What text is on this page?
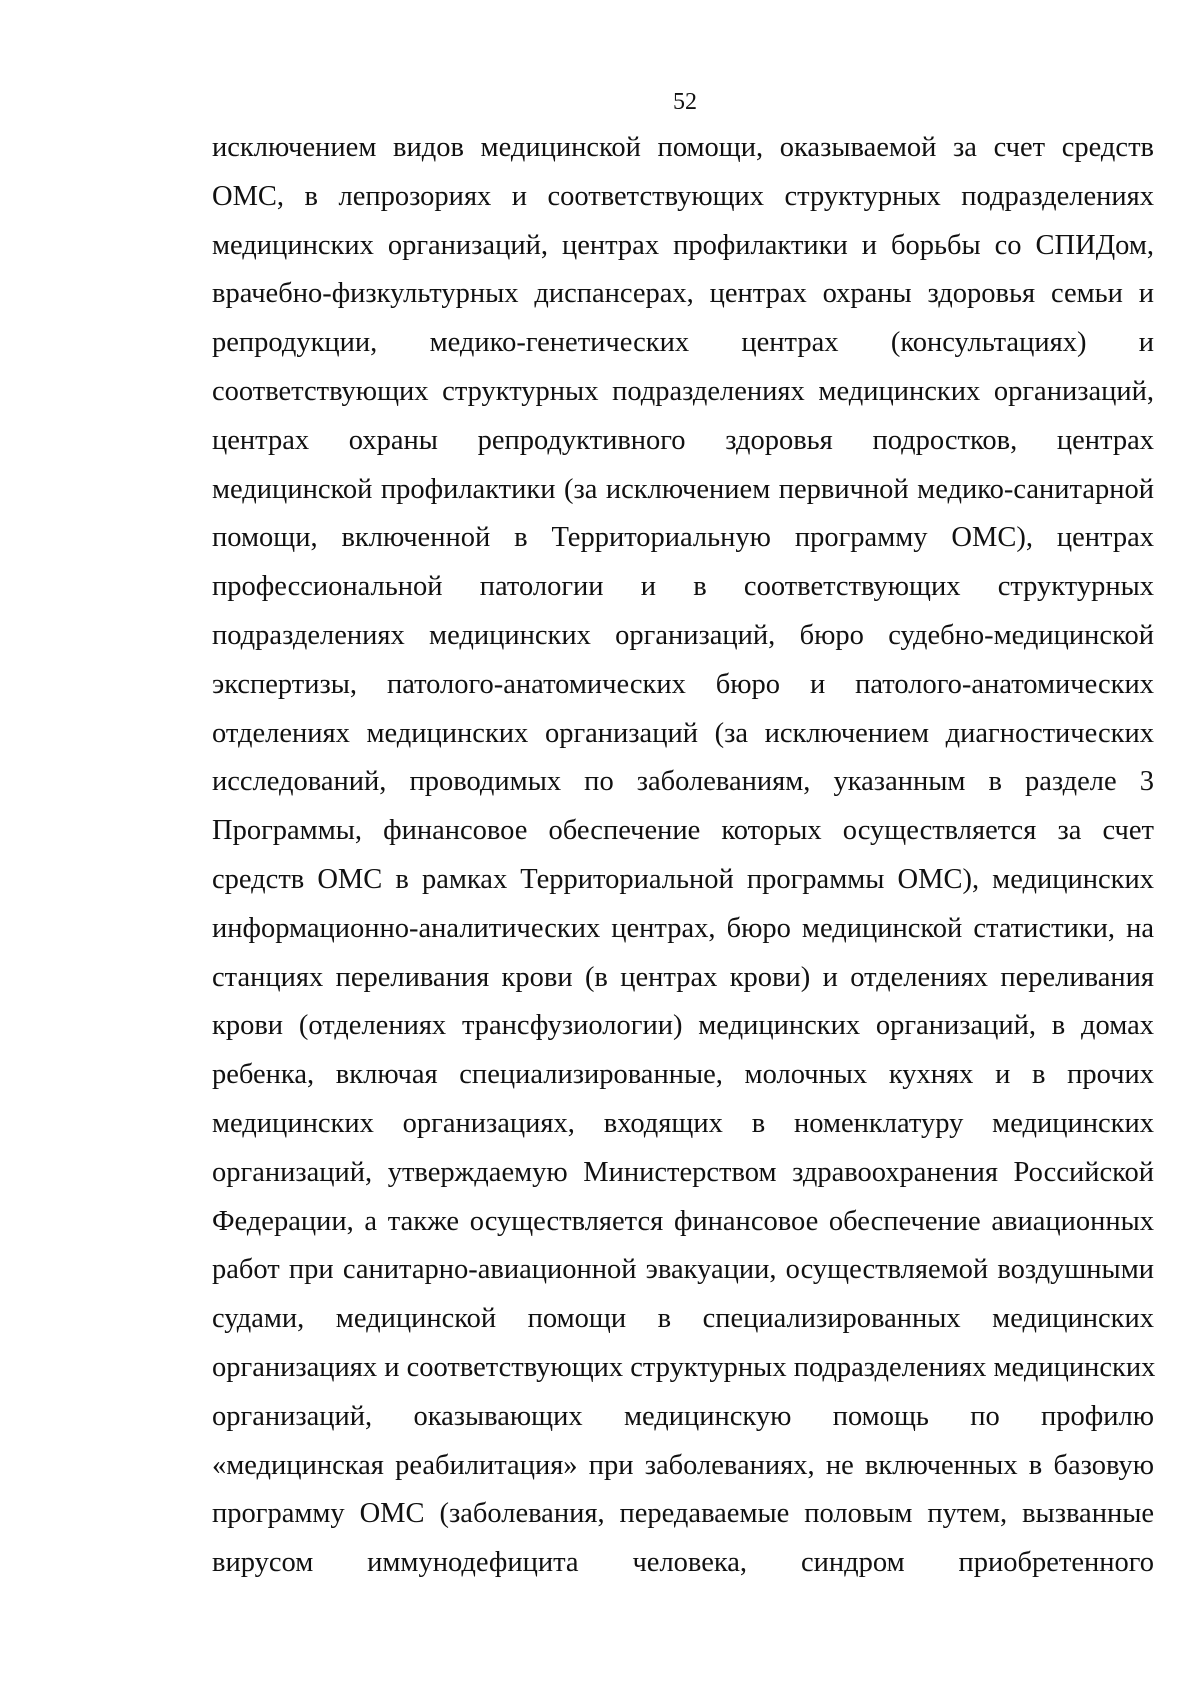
52
исключением видов медицинской помощи, оказываемой за счет средств
ОМС, в лепрозориях и соответствующих структурных подразделениях
медицинских организаций, центрах профилактики и борьбы со СПИДом,
врачебно-физкультурных диспансерах, центрах охраны здоровья семьи и
репродукции, медико-генетических центрах (консультациях) и
соответствующих структурных подразделениях медицинских организаций,
центрах охраны репродуктивного здоровья подростков, центрах
медицинской профилактики (за исключением первичной медико-санитарной
помощи, включенной в Территориальную программу ОМС), центрах
профессиональной патологии и в соответствующих структурных
подразделениях медицинских организаций, бюро судебно-медицинской
экспертизы, патолого-анатомических бюро и патолого-анатомических
отделениях медицинских организаций (за исключением диагностических
исследований, проводимых по заболеваниям, указанным в разделе 3
Программы, финансовое обеспечение которых осуществляется за счет
средств ОМС в рамках Территориальной программы ОМС), медицинских
информационно-аналитических центрах, бюро медицинской статистики, на
станциях переливания крови (в центрах крови) и отделениях переливания
крови (отделениях трансфузиологии) медицинских организаций, в домах
ребенка, включая специализированные, молочных кухнях и в прочих
медицинских организациях, входящих в номенклатуру медицинских
организаций, утверждаемую Министерством здравоохранения Российской
Федерации, а также осуществляется финансовое обеспечение авиационных
работ при санитарно-авиационной эвакуации, осуществляемой воздушными
судами, медицинской помощи в специализированных медицинских
организациях и соответствующих структурных подразделениях медицинских
организаций, оказывающих медицинскую помощь по профилю
«медицинская реабилитация» при заболеваниях, не включенных в базовую
программу ОМС (заболевания, передаваемые половым путем, вызванные
вирусом иммунодефицита человека, синдром приобретенного
